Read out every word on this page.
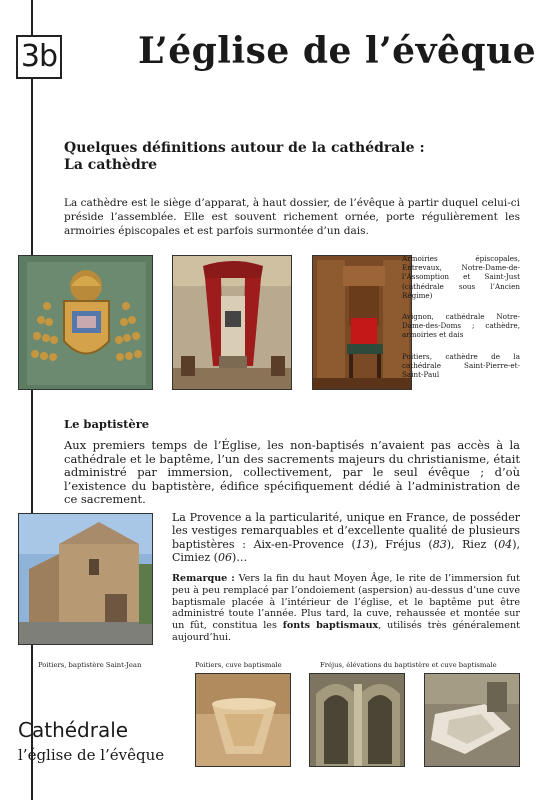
3b L’église de l’évêque
Quelques définitions autour de la cathédrale :
La cathèdre
La cathèdre est le siège d’apparat, à haut dossier, de l’évêque à partir duquel celui-ci préside l’assemblée. Elle est souvent richement ornée, porte régulièrement les armoiries épiscopales et est parfois surmontée d’un dais.
Armoiries épiscopales, Entrevaux, Notre-Dame-de-l’Assomption et Saint-Just (cathédrale sous l’Ancien Régime)
Avignon, cathédrale Notre-Dame-des-Doms ; cathèdre, armoiries et dais
Poitiers, cathèdre de la cathédrale Saint-Pierre-et-Saint-Paul
Le baptistère
Aux premiers temps de l’Église, les non-baptisés n’avaient pas accès à la cathédrale et le baptême, l’un des sacrements majeurs du christianisme, était administré par immersion, collectivement, par le seul évêque ; d’où l’existence du baptistère, édifice spécifiquement dédié à l’administration de ce sacrement.
La Provence a la particularité, unique en France, de posséder les vestiges remarquables et d’excellente qualité de plusieurs baptistères : Aix-en-Provence (13), Fréjus (83), Riez (04), Cimiez (06)…
Remarque : Vers la fin du haut Moyen Âge, le rite de l’immersion fut peu à peu remplacé par l’ondoiement (aspersion) au-dessus d’une cuve baptismale placée à l’intérieur de l’église, et le baptême put être administré toute l’année. Plus tard, la cuve, rehaussée et montée sur un fût, constitua les fonts baptismaux, utilisés très généralement aujourd’hui.
Poitiers, baptistère Saint-Jean	Poitiers, cuve baptismale	Fréjus, élévations du baptistère et cuve baptismale
Cathédrale
l’église de l’évêque
